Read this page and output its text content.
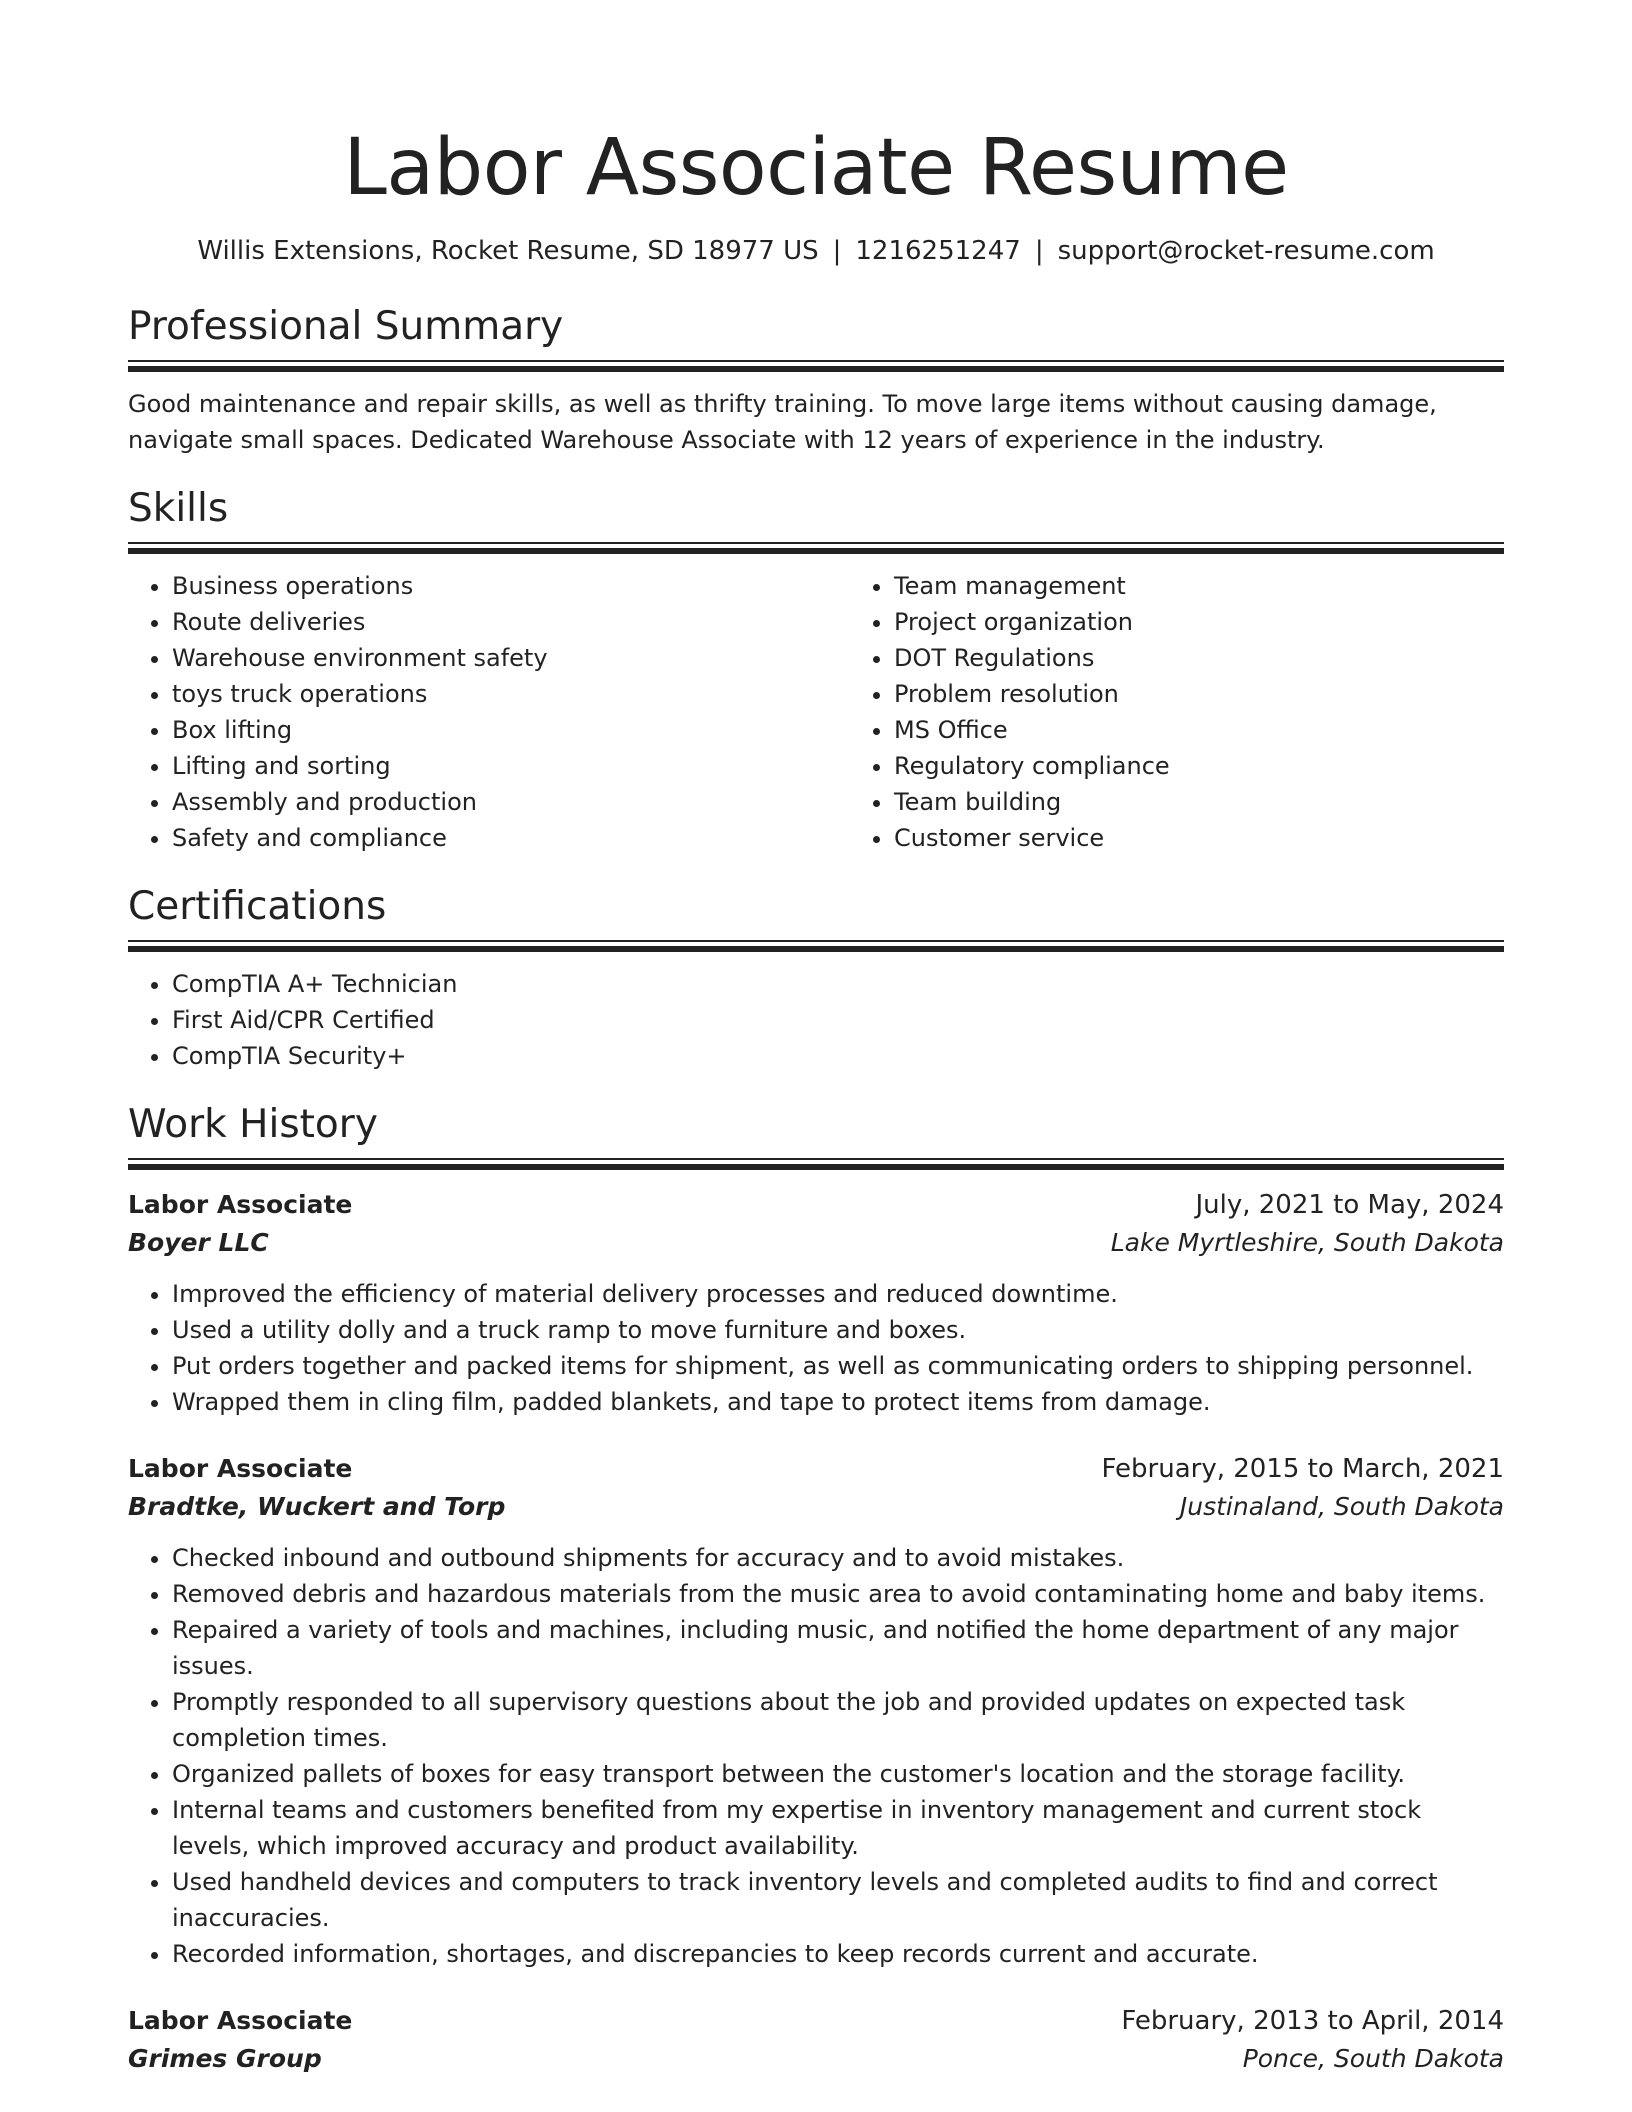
Labor Associate Resume
Willis Extensions, Rocket Resume, SD 18977 US | 1216251247 | support@rocket-resume.com
Professional Summary

Good maintenance and repair skills, as well as thrifty training. To move large items without causing damage, navigate small spaces. Dedicated Warehouse Associate with 12 years of experience in the industry.

Skills
• Business operations
• Route deliveries
• Warehouse environment safety
• toys truck operations
• Box lifting
• Lifting and sorting
• Assembly and production
• Safety and compliance
• Team management
• Project organization
• DOT Regulations
• Problem resolution
• MS Office
• Regulatory compliance
• Team building
• Customer service
Certifications
• CompTIA A+ Technician
• First Aid/CPR Certified
• CompTIA Security+
Work History
Labor Associate	July, 2021 to May, 2024
Boyer LLC	Lake Myrtleshire, South Dakota
• Improved the efficiency of material delivery processes and reduced downtime.
• Used a utility dolly and a truck ramp to move furniture and boxes.
• Put orders together and packed items for shipment, as well as communicating orders to shipping personnel.
• Wrapped them in cling film, padded blankets, and tape to protect items from damage.
Labor Associate	February, 2015 to March, 2021
Bradtke, Wuckert and Torp	Justinaland, South Dakota
• Checked inbound and outbound shipments for accuracy and to avoid mistakes.
• Removed debris and hazardous materials from the music area to avoid contaminating home and baby items.
• Repaired a variety of tools and machines, including music, and notified the home department of any major issues.
• Promptly responded to all supervisory questions about the job and provided updates on expected task completion times.
• Organized pallets of boxes for easy transport between the customer's location and the storage facility.
• Internal teams and customers benefited from my expertise in inventory management and current stock levels, which improved accuracy and product availability.
• Used handheld devices and computers to track inventory levels and completed audits to find and correct inaccuracies.
• Recorded information, shortages, and discrepancies to keep records current and accurate.
Labor Associate	February, 2013 to April, 2014
Grimes Group	Ponce, South Dakota
